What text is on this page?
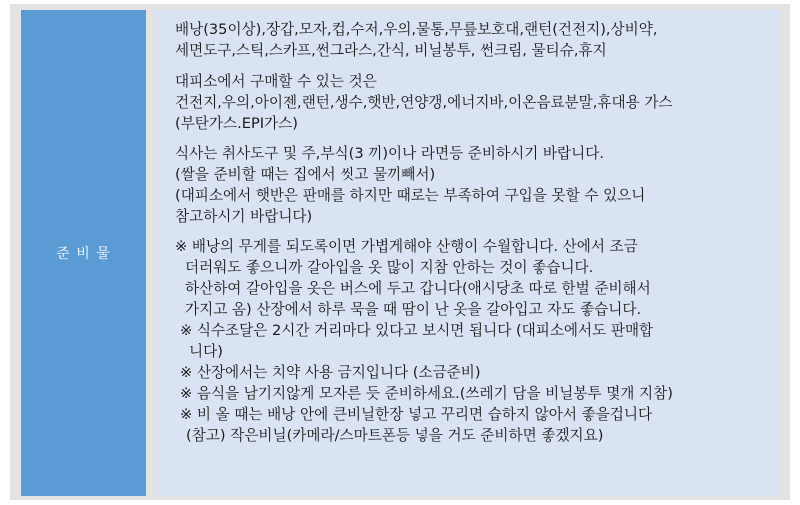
준 비 물
배낭(35이상),장갑,모자,컵,수저,우의,물통,무릎보호대,랜턴(건전지),상비약,
세면도구,스틱,스카프,썬그라스,간식, 비닐봉투, 썬크림, 물티슈,휴지
대피소에서 구매할 수 있는 것은
건전지,우의,아이젠,랜턴,생수,햇반,연양갱,에너지바,이온음료분말,휴대용 가스
(부탄가스.EPI가스)
식사는 취사도구 및 주,부식(3 끼)이나 라면등 준비하시기 바랍니다.
(쌀을 준비할 때는 집에서 씻고 물끼빼서)
(대피소에서 햇반은 판매를 하지만 때로는 부족하여 구입을 못할 수 있으니
참고하시기 바랍니다)
※ 배낭의 무게를 되도록이면 가볍게해야 산행이 수월합니다. 산에서 조금
더러워도 좋으니까 갈아입을 옷 많이 지참 안하는 것이 좋습니다.
하산하여 갈아입을 옷은 버스에 두고 갑니다(애시당초 따로 한벌 준비해서
가지고 옴) 산장에서 하루 묵을 때 땀이 난 옷을 갈아입고 자도 좋습니다.
※ 식수조달은 2시간 거리마다 있다고 보시면 됩니다 (대피소에서도 판매합
니다)
※ 산장에서는 치약 사용 금지입니다 (소금준비)
※ 음식을 남기지않게 모자른 듯 준비하세요.(쓰레기 담을 비닐봉투 몇개 지참)
※ 비 올 때는 배낭 안에 큰비닐한장 넣고 꾸리면 습하지 않아서 좋을겁니다
(참고) 작은비닐(카메라/스마트폰등 넣을 거도 준비하면 좋겠지요)
